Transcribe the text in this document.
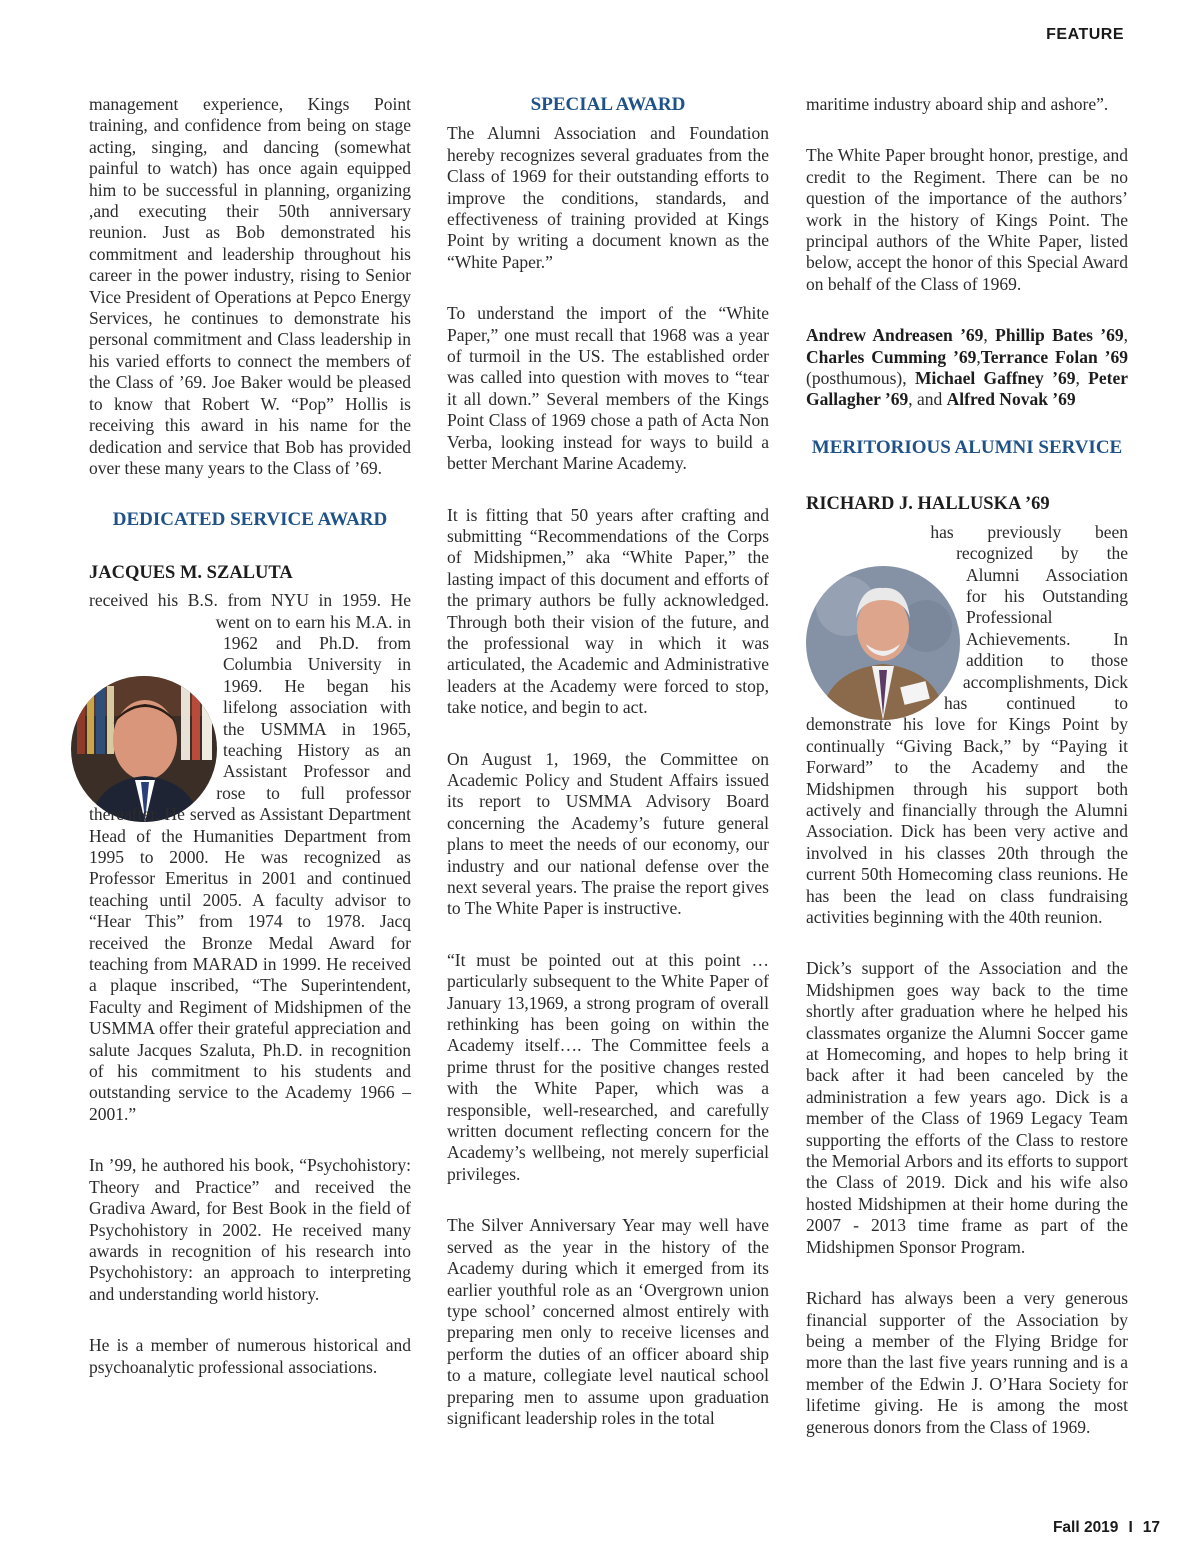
FEATURE

management experience, Kings Point training, and confidence from being on stage acting, singing, and dancing (somewhat painful to watch) has once again equipped him to be successful in planning, organizing ,and executing their 50th anniversary reunion. Just as Bob demonstrated his commitment and leadership throughout his career in the power industry, rising to Senior Vice President of Operations at Pepco Energy Services, he continues to demonstrate his personal commitment and Class leadership in his varied efforts to connect the members of the Class of ’69. Joe Baker would be pleased to know that Robert W. “Pop” Hollis is receiving this award in his name for the dedication and service that Bob has provided over these many years to the Class of ’69.

DEDICATED SERVICE AWARD
JACQUES M. SZALUTA

received his B.S. from NYU in 1959. He went on to earn his M.A. in 1962 and Ph.D. from Columbia University in 1969. He began his lifelong association with the USMMA in 1965, teaching History as an Assistant Professor and rose to full professor thereafter. He served as Assistant Department Head of the Humanities Department from 1995 to 2000. He was recognized as Professor Emeritus in 2001 and continued teaching until 2005. A faculty advisor to “Hear This” from 1974 to 1978. Jacq received the Bronze Medal Award for teaching from MARAD in 1999. He received a plaque inscribed, “The Superintendent, Faculty and Regiment of Midshipmen of the USMMA offer their grateful appreciation and salute Jacques Szaluta, Ph.D. in recognition of his commitment to his students and outstanding service to the Academy 1966 – 2001.”

In ’99, he authored his book, “Psychohistory: Theory and Practice” and received the Gradiva Award, for Best Book in the field of Psychohistory in 2002. He received many awards in recognition of his research into Psychohistory: an approach to interpreting and understanding world history.

He is a member of numerous historical and psychoanalytic professional associations.

SPECIAL AWARD

The Alumni Association and Foundation hereby recognizes several graduates from the Class of 1969 for their outstanding efforts to improve the conditions, standards, and effectiveness of training provided at Kings Point by writing a document known as the “White Paper.”

To understand the import of the “White Paper,” one must recall that 1968 was a year of turmoil in the US. The established order was called into question with moves to “tear it all down.” Several members of the Kings Point Class of 1969 chose a path of Acta Non Verba, looking instead for ways to build a better Merchant Marine Academy.

It is fitting that 50 years after crafting and submitting “Recommendations of the Corps of Midshipmen,” aka “White Paper,” the lasting impact of this document and efforts of the primary authors be fully acknowledged. Through both their vision of the future, and the professional way in which it was articulated, the Academic and Administrative leaders at the Academy were forced to stop, take notice, and begin to act.

On August 1, 1969, the Committee on Academic Policy and Student Affairs issued its report to USMMA Advisory Board concerning the Academy’s future general plans to meet the needs of our economy, our industry and our national defense over the next several years. The praise the report gives to The White Paper is instructive.

“It must be pointed out at this point … particularly subsequent to the White Paper of January 13,1969, a strong program of overall rethinking has been going on within the Academy itself…. The Committee feels a prime thrust for the positive changes rested with the White Paper, which was a responsible, well-researched, and carefully written document reflecting concern for the Academy’s wellbeing, not merely superficial privileges.

The Silver Anniversary Year may well have served as the year in the history of the Academy during which it emerged from its earlier youthful role as an ‘Overgrown union type school’ concerned almost entirely with preparing men only to receive licenses and perform the duties of an officer aboard ship to a mature, collegiate level nautical school preparing men to assume upon graduation significant leadership roles in the total

maritime industry aboard ship and ashore”.

The White Paper brought honor, prestige, and credit to the Regiment. There can be no question of the importance of the authors’ work in the history of Kings Point. The principal authors of the White Paper, listed below, accept the honor of this Special Award on behalf of the Class of 1969.

Andrew Andreasen ’69, Phillip Bates ’69, Charles Cumming ’69,Terrance Folan ’69 (posthumous), Michael Gaffney ’69, Peter Gallagher ’69, and Alfred Novak ’69

MERITORIOUS ALUMNI SERVICE
RICHARD J. HALLUSKA ’69

has previously been recognized by the Alumni Association for his Outstanding Professional Achievements. In addition to those accomplishments, Dick has continued to demonstrate his love for Kings Point by continually “Giving Back,” by “Paying it Forward” to the Academy and the Midshipmen through his support both actively and financially through the Alumni Association. Dick has been very active and involved in his classes 20th through the current 50th Homecoming class reunions. He has been the lead on class fundraising activities beginning with the 40th reunion.

Dick’s support of the Association and the Midshipmen goes way back to the time shortly after graduation where he helped his classmates organize the Alumni Soccer game at Homecoming, and hopes to help bring it back after it had been canceled by the administration a few years ago. Dick is a member of the Class of 1969 Legacy Team supporting the efforts of the Class to restore the Memorial Arbors and its efforts to support the Class of 2019. Dick and his wife also hosted Midshipmen at their home during the 2007 - 2013 time frame as part of the Midshipmen Sponsor Program.

Richard has always been a very generous financial supporter of the Association by being a member of the Flying Bridge for more than the last five years running and is a member of the Edwin J. O’Hara Society for lifetime giving. He is among the most generous donors from the Class of 1969.

Fall 2019 I 17
